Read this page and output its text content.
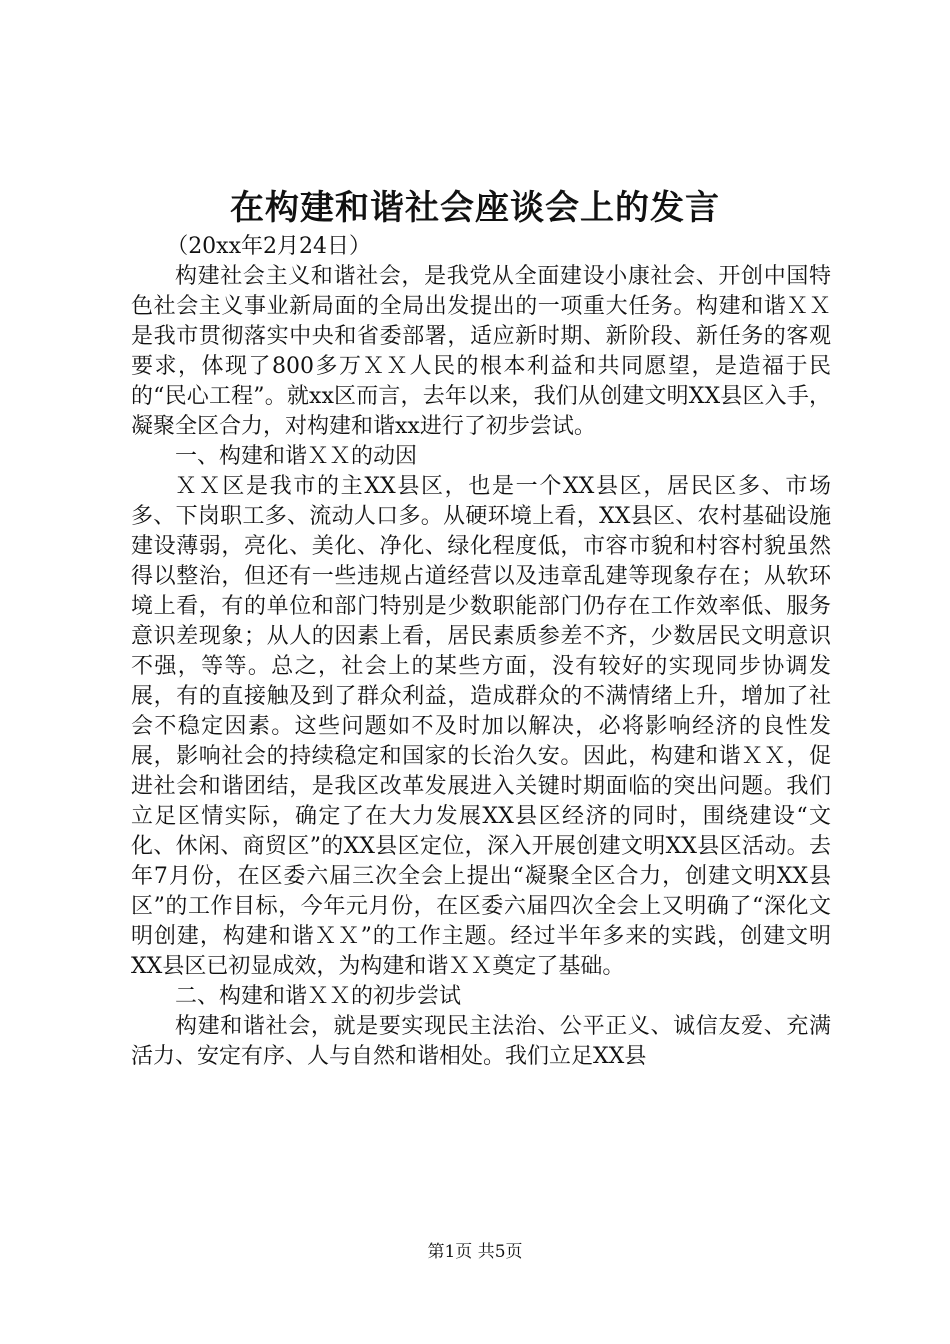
在构建和谐社会座谈会上的发言

（20xx年2月24日）

构建社会主义和谐社会，是我党从全面建设小康社会、开创中国特色社会主义事业新局面的全局出发提出的一项重大任务。构建和谐ＸＸ是我市贯彻落实中央和省委部署，适应新时期、新阶段、新任务的客观要求，体现了800多万ＸＸ人民的根本利益和共同愿望，是造福于民的“民心工程”。就xx区而言，去年以来，我们从创建文明XX县区入手，凝聚全区合力，对构建和谐xx进行了初步尝试。

一、构建和谐ＸＸ的动因

ＸＸ区是我市的主XX县区，也是一个XX县区，居民区多、市场多、下岗职工多、流动人口多。从硬环境上看，XX县区、农村基础设施建设薄弱，亮化、美化、净化、绿化程度低，市容市貌和村容村貌虽然得以整治，但还有一些违规占道经营以及违章乱建等现象存在；从软环境上看，有的单位和部门特别是少数职能部门仍存在工作效率低、服务意识差现象；从人的因素上看，居民素质参差不齐，少数居民文明意识不强，等等。总之，社会上的某些方面，没有较好的实现同步协调发展，有的直接触及到了群众利益，造成群众的不满情绪上升，增加了社会不稳定因素。这些问题如不及时加以解决，必将影响经济的良性发展，影响社会的持续稳定和国家的长治久安。因此，构建和谐ＸＸ，促进社会和谐团结，是我区改革发展进入关键时期面临的突出问题。我们立足区情实际，确定了在大力发展XX县区经济的同时，围绕建设“文化、休闲、商贸区”的XX县区定位，深入开展创建文明XX县区活动。去年7月份，在区委六届三次全会上提出“凝聚全区合力，创建文明XX县区”的工作目标，今年元月份，在区委六届四次全会上又明确了“深化文明创建，构建和谐ＸＸ”的工作主题。经过半年多来的实践，创建文明XX县区已初显成效，为构建和谐ＸＸ奠定了基础。

二、构建和谐ＸＸ的初步尝试

构建和谐社会，就是要实现民主法治、公平正义、诚信友爱、充满活力、安定有序、人与自然和谐相处。我们立足XX县

第1页 共5页
